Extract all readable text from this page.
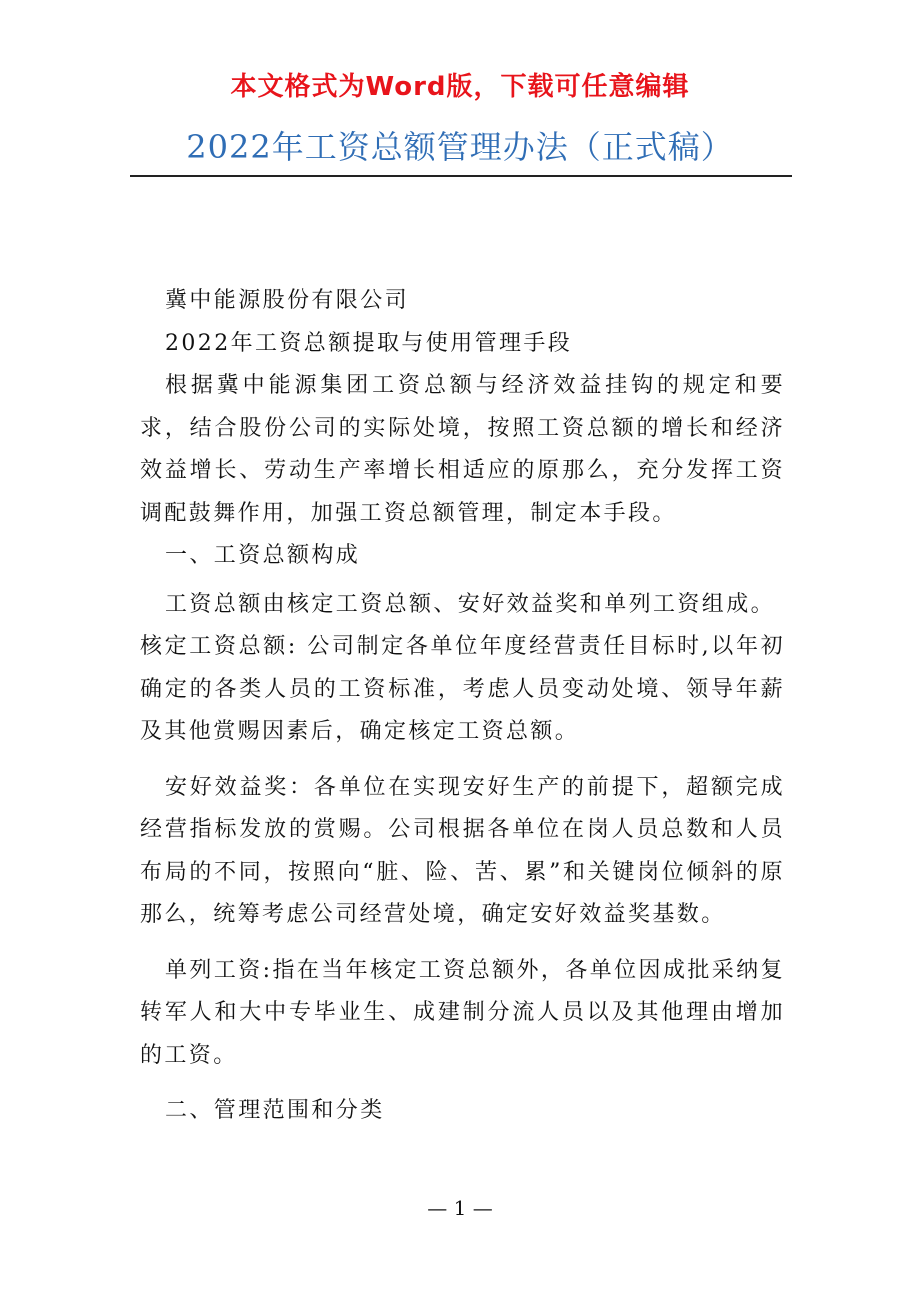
本文格式为Word版，下载可任意编辑
2022年工资总额管理办法（正式稿）

冀中能源股份有限公司

2022年工资总额提取与使用管理手段

根据冀中能源集团工资总额与经济效益挂钩的规定和要求，结合股份公司的实际处境，按照工资总额的增长和经济效益增长、劳动生产率增长相适应的原那么，充分发挥工资调配鼓舞作用，加强工资总额管理，制定本手段。

一、工资总额构成

工资总额由核定工资总额、安好效益奖和单列工资组成。

核定工资总额: 公司制定各单位年度经营责任目标时,以年初确定的各类人员的工资标准，考虑人员变动处境、领导年薪及其他赏赐因素后，确定核定工资总额。

安好效益奖：各单位在实现安好生产的前提下，超额完成经营指标发放的赏赐。公司根据各单位在岗人员总数和人员布局的不同，按照向“脏、险、苦、累”和关键岗位倾斜的原那么，统筹考虑公司经营处境，确定安好效益奖基数。

单列工资:指在当年核定工资总额外，各单位因成批采纳复转军人和大中专毕业生、成建制分流人员以及其他理由增加的工资。

二、管理范围和分类

— 1 —
